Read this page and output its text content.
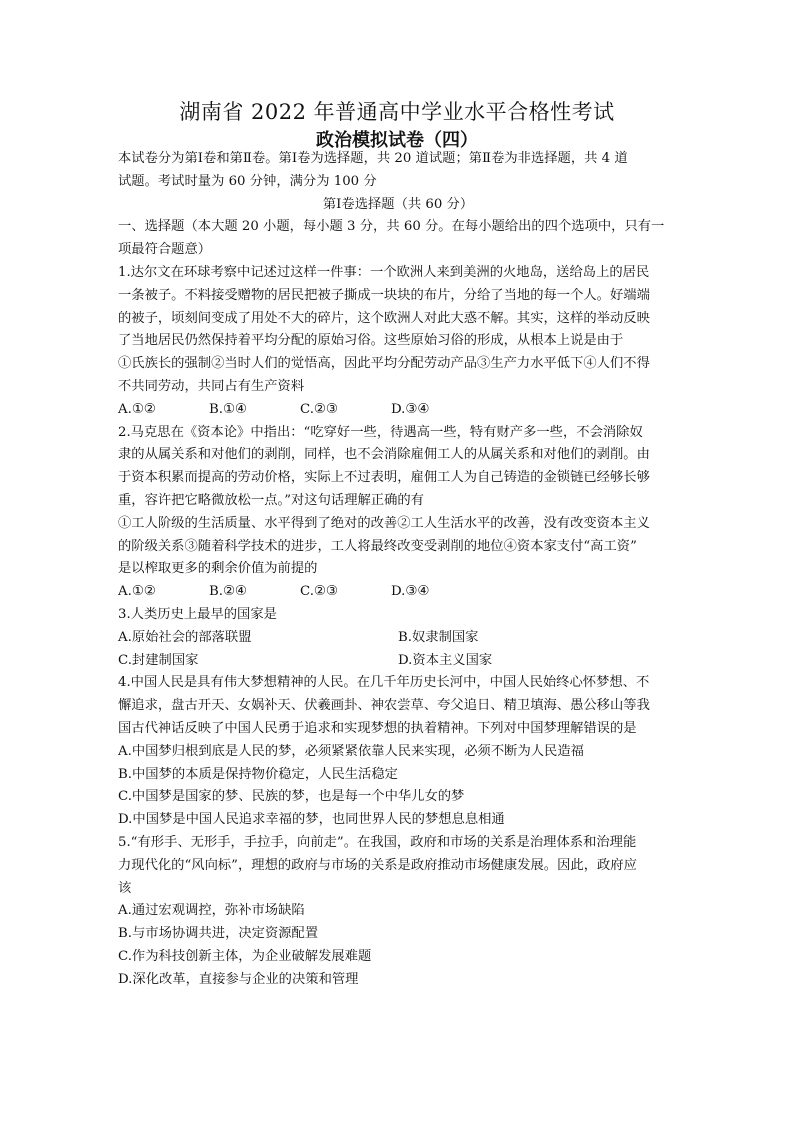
湖南省 2022 年普通高中学业水平合格性考试
政治模拟试卷（四）

本试卷分为第Ⅰ卷和第Ⅱ卷。第Ⅰ卷为选择题，共 20 道试题；第Ⅱ卷为非选择题，共 4 道

试题。考试时量为 60 分钟，满分为 100 分

第Ⅰ卷选择题（共 60 分）

一、选择题（本大题 20 小题，每小题 3 分，共 60 分。在每小题给出的四个选项中，只有一

项最符合题意）

1.达尔文在环球考察中记述过这样一件事：一个欧洲人来到美洲的火地岛，送给岛上的居民

一条被子。不料接受赠物的居民把被子撕成一块块的布片，分给了当地的每一个人。好端端

的被子，顷刻间变成了用处不大的碎片，这个欧洲人对此大惑不解。其实，这样的举动反映

了当地居民仍然保持着平均分配的原始习俗。这些原始习俗的形成，从根本上说是由于

①氏族长的强制②当时人们的觉悟高，因此平均分配劳动产品③生产力水平低下④人们不得

不共同劳动，共同占有生产资料

A.①②	B.①④	C.②③	D.③④

2.马克思在《资本论》中指出：“吃穿好一些，待遇高一些，特有财产多一些，不会消除奴

隶的从属关系和对他们的剥削，同样，也不会消除雇佣工人的从属关系和对他们的剥削。由

于资本积累而提高的劳动价格，实际上不过表明，雇佣工人为自己铸造的金锁链已经够长够

重，容许把它略微放松一点。”对这句话理解正确的有

①工人阶级的生活质量、水平得到了绝对的改善②工人生活水平的改善，没有改变资本主义

的阶级关系③随着科学技术的进步，工人将最终改变受剥削的地位④资本家支付“高工资”

是以榨取更多的剩余价值为前提的

A.①②	B.②④	C.②③	D.③④

3.人类历史上最早的国家是

A.原始社会的部落联盟	B.奴隶制国家
C.封建制国家	D.资本主义国家

4.中国人民是具有伟大梦想精神的人民。在几千年历史长河中，中国人民始终心怀梦想、不

懈追求，盘古开天、女娲补天、伏羲画卦、神农尝草、夸父追日、精卫填海、愚公移山等我

国古代神话反映了中国人民勇于追求和实现梦想的执着精神。下列对中国梦理解错误的是

A.中国梦归根到底是人民的梦，必须紧紧依靠人民来实现，必须不断为人民造福

B.中国梦的本质是保持物价稳定，人民生活稳定

C.中国梦是国家的梦、民族的梦，也是每一个中华儿女的梦

D.中国梦是中国人民追求幸福的梦，也同世界人民的梦想息息相通

5.“有形手、无形手，手拉手，向前走”。在我国，政府和市场的关系是治理体系和治理能

力现代化的“风向标”，理想的政府与市场的关系是政府推动市场健康发展。因此，政府应

该

A.通过宏观调控，弥补市场缺陷

B.与市场协调共进，决定资源配置

C.作为科技创新主体，为企业破解发展难题

D.深化改革，直接参与企业的决策和管理
